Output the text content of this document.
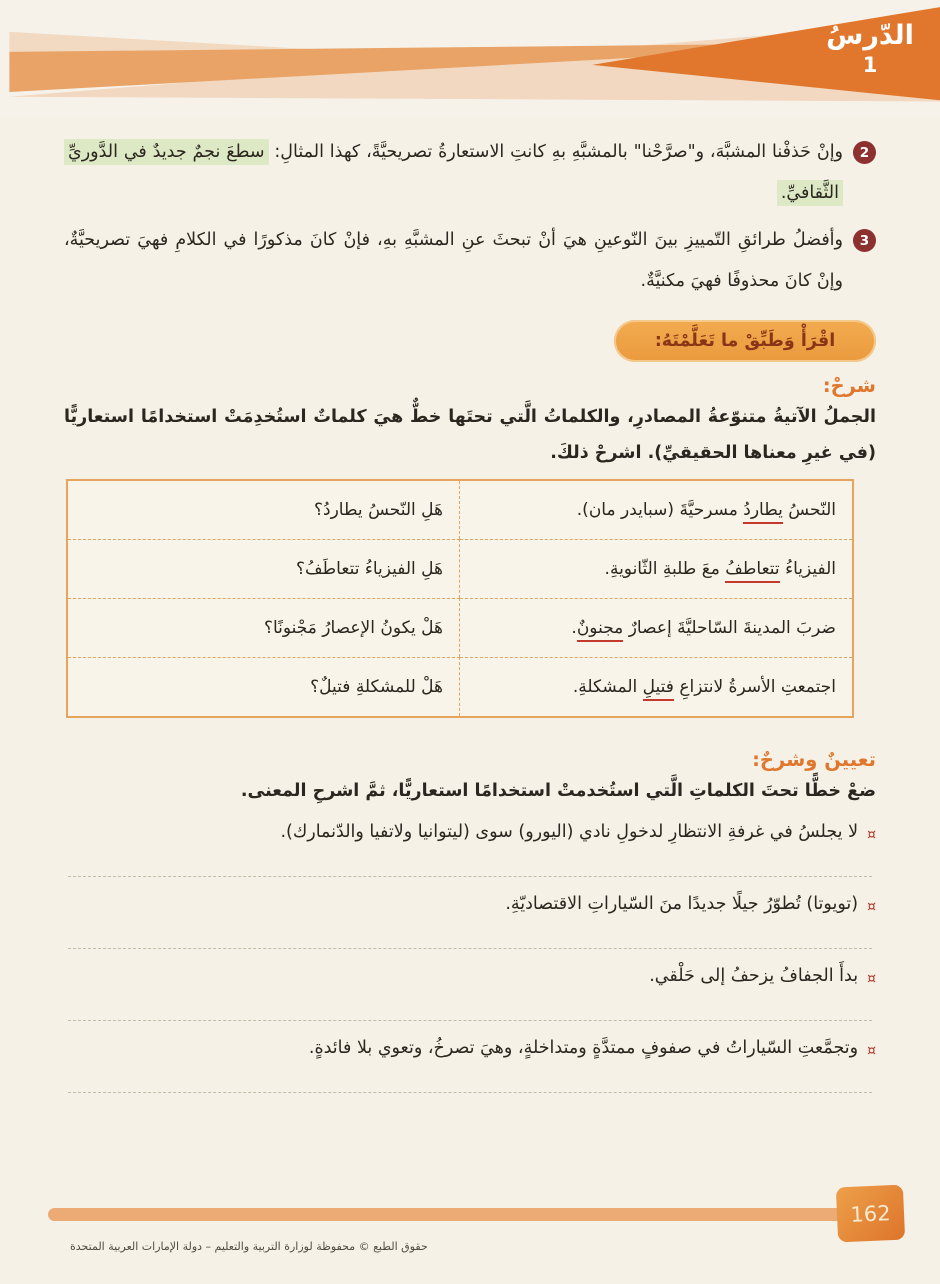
الدّرسُ
1
2
وإنْ حَذفْنا المشبَّهَ، و"صرَّحْنا" بالمشبَّهِ بهِ كانتِ الاستعارةُ تصريحيَّةً، كهذا المثالِ: سطعَ نجمٌ جديدٌ في الدَّوريِّ الثَّقافيِّ.
3
وأفضلُ طرائقِ التّمييزِ بينَ النّوعينِ هيَ أنْ تبحثَ عنِ المشبَّهِ بهِ، فإنْ كانَ مذكورًا في الكلامِ فهيَ تصريحيَّةٌ، وإنْ كانَ محذوفًا فهيَ مكنيَّةٌ.
اقْرَأْ وَطَبِّقْ ما تَعَلَّمْتَهُ:
شرحْ:
الجملُ الآتيةُ متنوّعةُ المصادرِ، والكلماتُ الَّتي تحتَها خطٌّ هيَ كلماتٌ استُخدِمَتْ استخدامًا استعاريًّا (في غيرِ معناها الحقيقيِّ). اشرحْ ذلكَ.
النّحسُ يطاردُ مسرحيَّةَ (سبايدر مان).
هَلِ النّحسُ يطاردُ؟
الفيزياءُ تتعاطفُ معَ طلبةِ الثّانويةِ.
هَلِ الفيزياءُ تتعاطَفُ؟
ضربَ المدينةَ السّاحليَّةَ إعصارٌ مجنونٌ.
هَلْ يكونُ الإعصارُ مَجْنونًا؟
اجتمعتِ الأسرةُ لانتزاعِ فتيلِ المشكلةِ.
هَلْ للمشكلةِ فتيلٌ؟
تعيينٌ وشرحٌ:
ضعْ خطًّا تحتَ الكلماتِ الَّتي استُخدمتْ استخدامًا استعاريًّا، ثمَّ اشرحِ المعنى.
¤
لا يجلسُ في غرفةِ الانتظارِ لدخولِ نادي (اليورو) سوى (ليتوانيا ولاتفيا والدّنمارك).
¤
(تويوتا) تُطوّرُ جيلًا جديدًا منَ السّياراتِ الاقتصاديّةِ.
¤
بدأَ الجفافُ يزحفُ إلى حَلْقي.
¤
وتجمَّعتِ السّياراتُ في صفوفٍ ممتدَّةٍ ومتداخلةٍ، وهيَ تصرخُ، وتعوي بلا فائدةٍ.
162
حقوق الطبع © محفوظة لوزارة التربية والتعليم – دولة الإمارات العربية المتحدة
